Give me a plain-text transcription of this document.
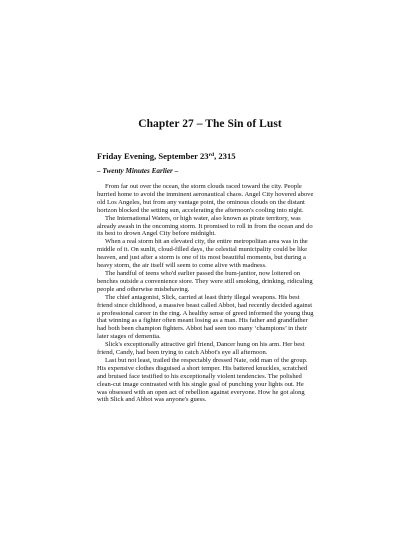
Chapter 27 – The Sin of Lust
Friday Evening, September 23rd, 2315
– Twenty Minutes Earlier –

From far out over the ocean, the storm clouds raced toward the city. People hurried home to avoid the imminent aeronautical chaos. Angel City hovered above old Los Angeles, but from any vantage point, the ominous clouds on the distant horizon blocked the setting sun, accelerating the afternoon's cooling into night.

The International Waters, or high water, also known as pirate territory, was already awash in the oncoming storm. It promised to roll in from the ocean and do its best to drown Angel City before midnight.

When a real storm hit an elevated city, the entire metropolitan area was in the middle of it. On sunlit, cloud-filled days, the celestial municipality could be like heaven, and just after a storm is one of its most beautiful moments, but during a heavy storm, the air itself will seem to come alive with madness.

The handful of teens who'd earlier passed the bum-janitor, now loitered on benches outside a convenience store. They were still smoking, drinking, ridiculing people and otherwise misbehaving.

The chief antagonist, Slick, carried at least thirty illegal weapons. His best friend since childhood, a massive beast called Abbot, had recently decided against a professional career in the ring. A healthy sense of greed informed the young thug that winning as a fighter often meant losing as a man. His father and grandfather had both been champion fighters. Abbot had seen too many ‘champions’ in their later stages of dementia.

Slick's exceptionally attractive girl friend, Dancer hung on his arm. Her best friend, Candy, had been trying to catch Abbot's eye all afternoon.

Last but not least, trailed the respectably dressed Nate, odd man of the group. His expensive clothes disguised a short temper. His battered knuckles, scratched and bruised face testified to his exceptionally violent tendencies. The polished clean-cut image contrasted with his single goal of punching your lights out. He was obsessed with an open act of rebellion against everyone. How he got along with Slick and Abbot was anyone's guess.
